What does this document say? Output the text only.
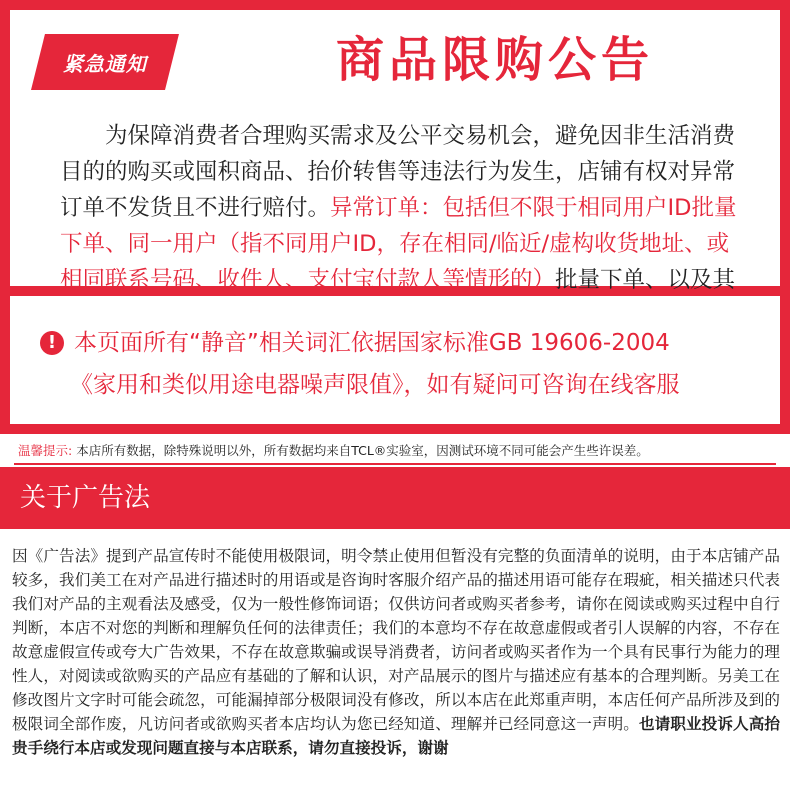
紧急通知	商品限购公告
为保障消费者合理购买需求及公平交易机会，避免因非生活消费目的的购买或囤积商品、抬价转售等违法行为发生，店铺有权对异常订单不发货且不进行赔付。异常订单：包括但不限于相同用户ID批量下单、同一用户（指不同用户ID，存在相同/临近/虚构收货地址、或相同联系号码、收件人、支付宝付款人等情形的）批量下单、以及其
! 本页面所有“静音”相关词汇依据国家标准GB 19606-2004
《家用和类似用途电器噪声限值》，如有疑问可咨询在线客服
温馨提示: 本店所有数据，除特殊说明以外，所有数据均来自TCL®实验室，因测试环境不同可能会产生些许误差。
关于广告法
因《广告法》提到产品宣传时不能使用极限词，明令禁止使用但暂没有完整的负面清单的说明，由于本店铺产品较多，我们美工在对产品进行描述时的用语或是咨询时客服介绍产品的描述用语可能存在瑕疵，相关描述只代表我们对产品的主观看法及感受，仅为一般性修饰词语；仅供访问者或购买者参考，请你在阅读或购买过程中自行判断，本店不对您的判断和理解负任何的法律责任；我们的本意均不存在故意虚假或者引人误解的内容，不存在故意虚假宣传或夸大广告效果，不存在故意欺骗或误导消费者，访问者或购买者作为一个具有民事行为能力的理性人，对阅读或欲购买的产品应有基础的了解和认识，对产品展示的图片与描述应有基本的合理判断。另美工在修改图片文字时可能会疏忽，可能漏掉部分极限词没有修改，所以本店在此郑重声明，本店任何产品所涉及到的极限词全部作废，凡访问者或欲购买者本店均认为您已经知道、理解并已经同意这一声明。也请职业投诉人高抬贵手绕行本店或发现问题直接与本店联系，请勿直接投诉，谢谢
